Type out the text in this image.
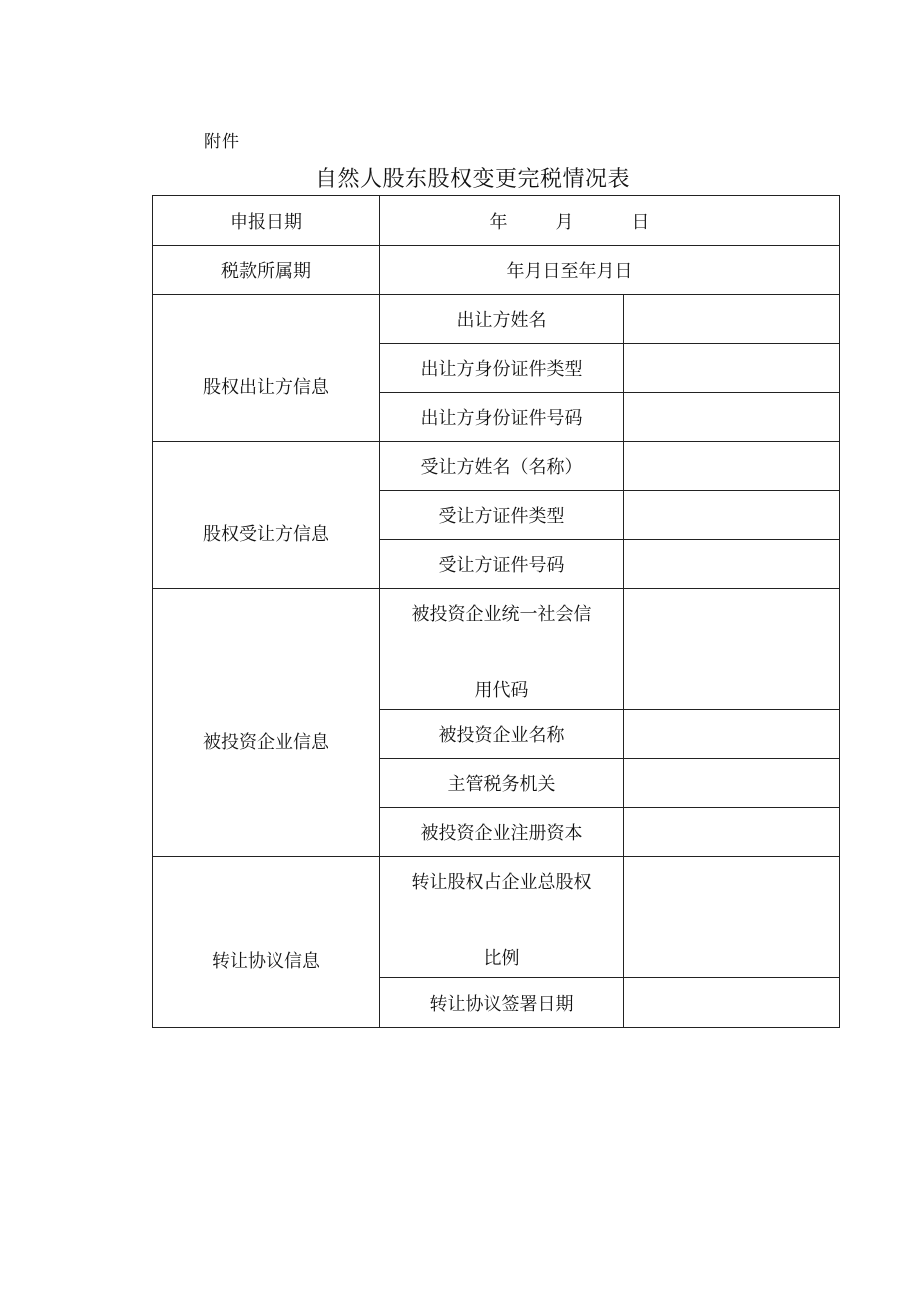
附件
自然人股东股权变更完税情况表
申报日期	年 月 日	
税款所属期	年月日至年月日	
股权出让方信息	出让方姓名	
	出让方身份证件类型	
	出让方身份证件号码	
股权受让方信息	受让方姓名（名称）	
	受让方证件类型	
	受让方证件号码	
被投资企业信息	被投资企业统一社会信
用代码	

	被投资企业名称	
	主管税务机关	
	被投资企业注册资本	
转让协议信息	转让股权占企业总股权
比例	

	转让协议签署日期	
